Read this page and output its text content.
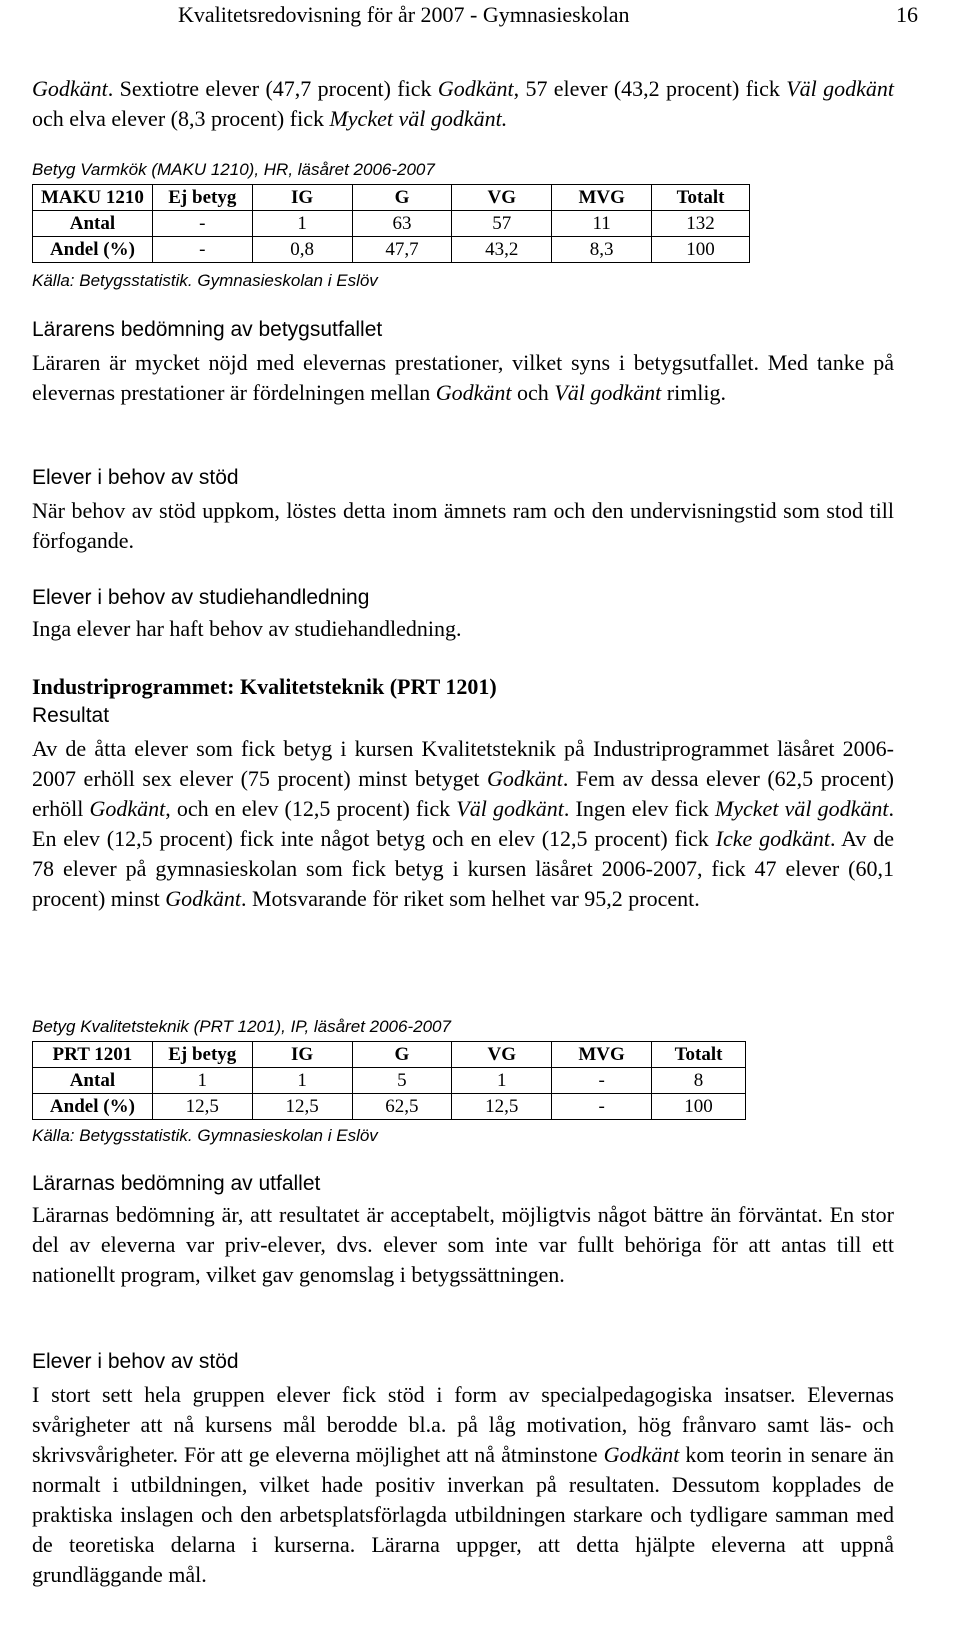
Kvalitetsredovisning för år 2007 - Gymnasieskolan	16
Godkänt. Sextiotre elever (47,7 procent) fick Godkänt, 57 elever (43,2 procent) fick Väl godkänt och elva elever (8,3 procent) fick Mycket väl godkänt.
Betyg Varmkök (MAKU 1210), HR, läsåret 2006-2007
MAKU 1210	Ej betyg	IG	G	VG	MVG	Totalt
Antal	-	1	63	57	11	132
Andel (%)	-	0,8	47,7	43,2	8,3	100
Källa: Betygsstatistik. Gymnasieskolan i Eslöv
Lärarens bedömning av betygsutfallet
Läraren är mycket nöjd med elevernas prestationer, vilket syns i betygsutfallet. Med tanke på elevernas prestationer är fördelningen mellan Godkänt och Väl godkänt rimlig.
Elever i behov av stöd
När behov av stöd uppkom, löstes detta inom ämnets ram och den undervisningstid som stod till förfogande.
Elever i behov av studiehandledning
Inga elever har haft behov av studiehandledning.
Industriprogrammet: Kvalitetsteknik (PRT 1201)
Resultat
Av de åtta elever som fick betyg i kursen Kvalitetsteknik på Industriprogrammet läsåret 2006-2007 erhöll sex elever (75 procent) minst betyget Godkänt. Fem av dessa elever (62,5 procent) erhöll Godkänt, och en elev (12,5 procent) fick Väl godkänt. Ingen elev fick Mycket väl godkänt. En elev (12,5 procent) fick inte något betyg och en elev (12,5 procent) fick Icke godkänt. Av de 78 elever på gymnasieskolan som fick betyg i kursen läsåret 2006-2007, fick 47 elever (60,1 procent) minst Godkänt. Motsvarande för riket som helhet var 95,2 procent.
Betyg Kvalitetsteknik (PRT 1201), IP, läsåret 2006-2007
PRT 1201	Ej betyg	IG	G	VG	MVG	Totalt
Antal	1	1	5	1	-	8
Andel (%)	12,5	12,5	62,5	12,5	-	100
Källa: Betygsstatistik. Gymnasieskolan i Eslöv
Lärarnas bedömning av utfallet
Lärarnas bedömning är, att resultatet är acceptabelt, möjligtvis något bättre än förväntat. En stor del av eleverna var priv-elever, dvs. elever som inte var fullt behöriga för att antas till ett nationellt program, vilket gav genomslag i betygssättningen.
Elever i behov av stöd
I stort sett hela gruppen elever fick stöd i form av specialpedagogiska insatser. Elevernas svårigheter att nå kursens mål berodde bl.a. på låg motivation, hög frånvaro samt läs- och skrivsvårigheter. För att ge eleverna möjlighet att nå åtminstone Godkänt kom teorin in senare än normalt i utbildningen, vilket hade positiv inverkan på resultaten. Dessutom kopplades de praktiska inslagen och den arbetsplatsförlagda utbildningen starkare och tydligare samman med de teoretiska delarna i kurserna. Lärarna uppger, att detta hjälpte eleverna att uppnå grundläggande mål.
